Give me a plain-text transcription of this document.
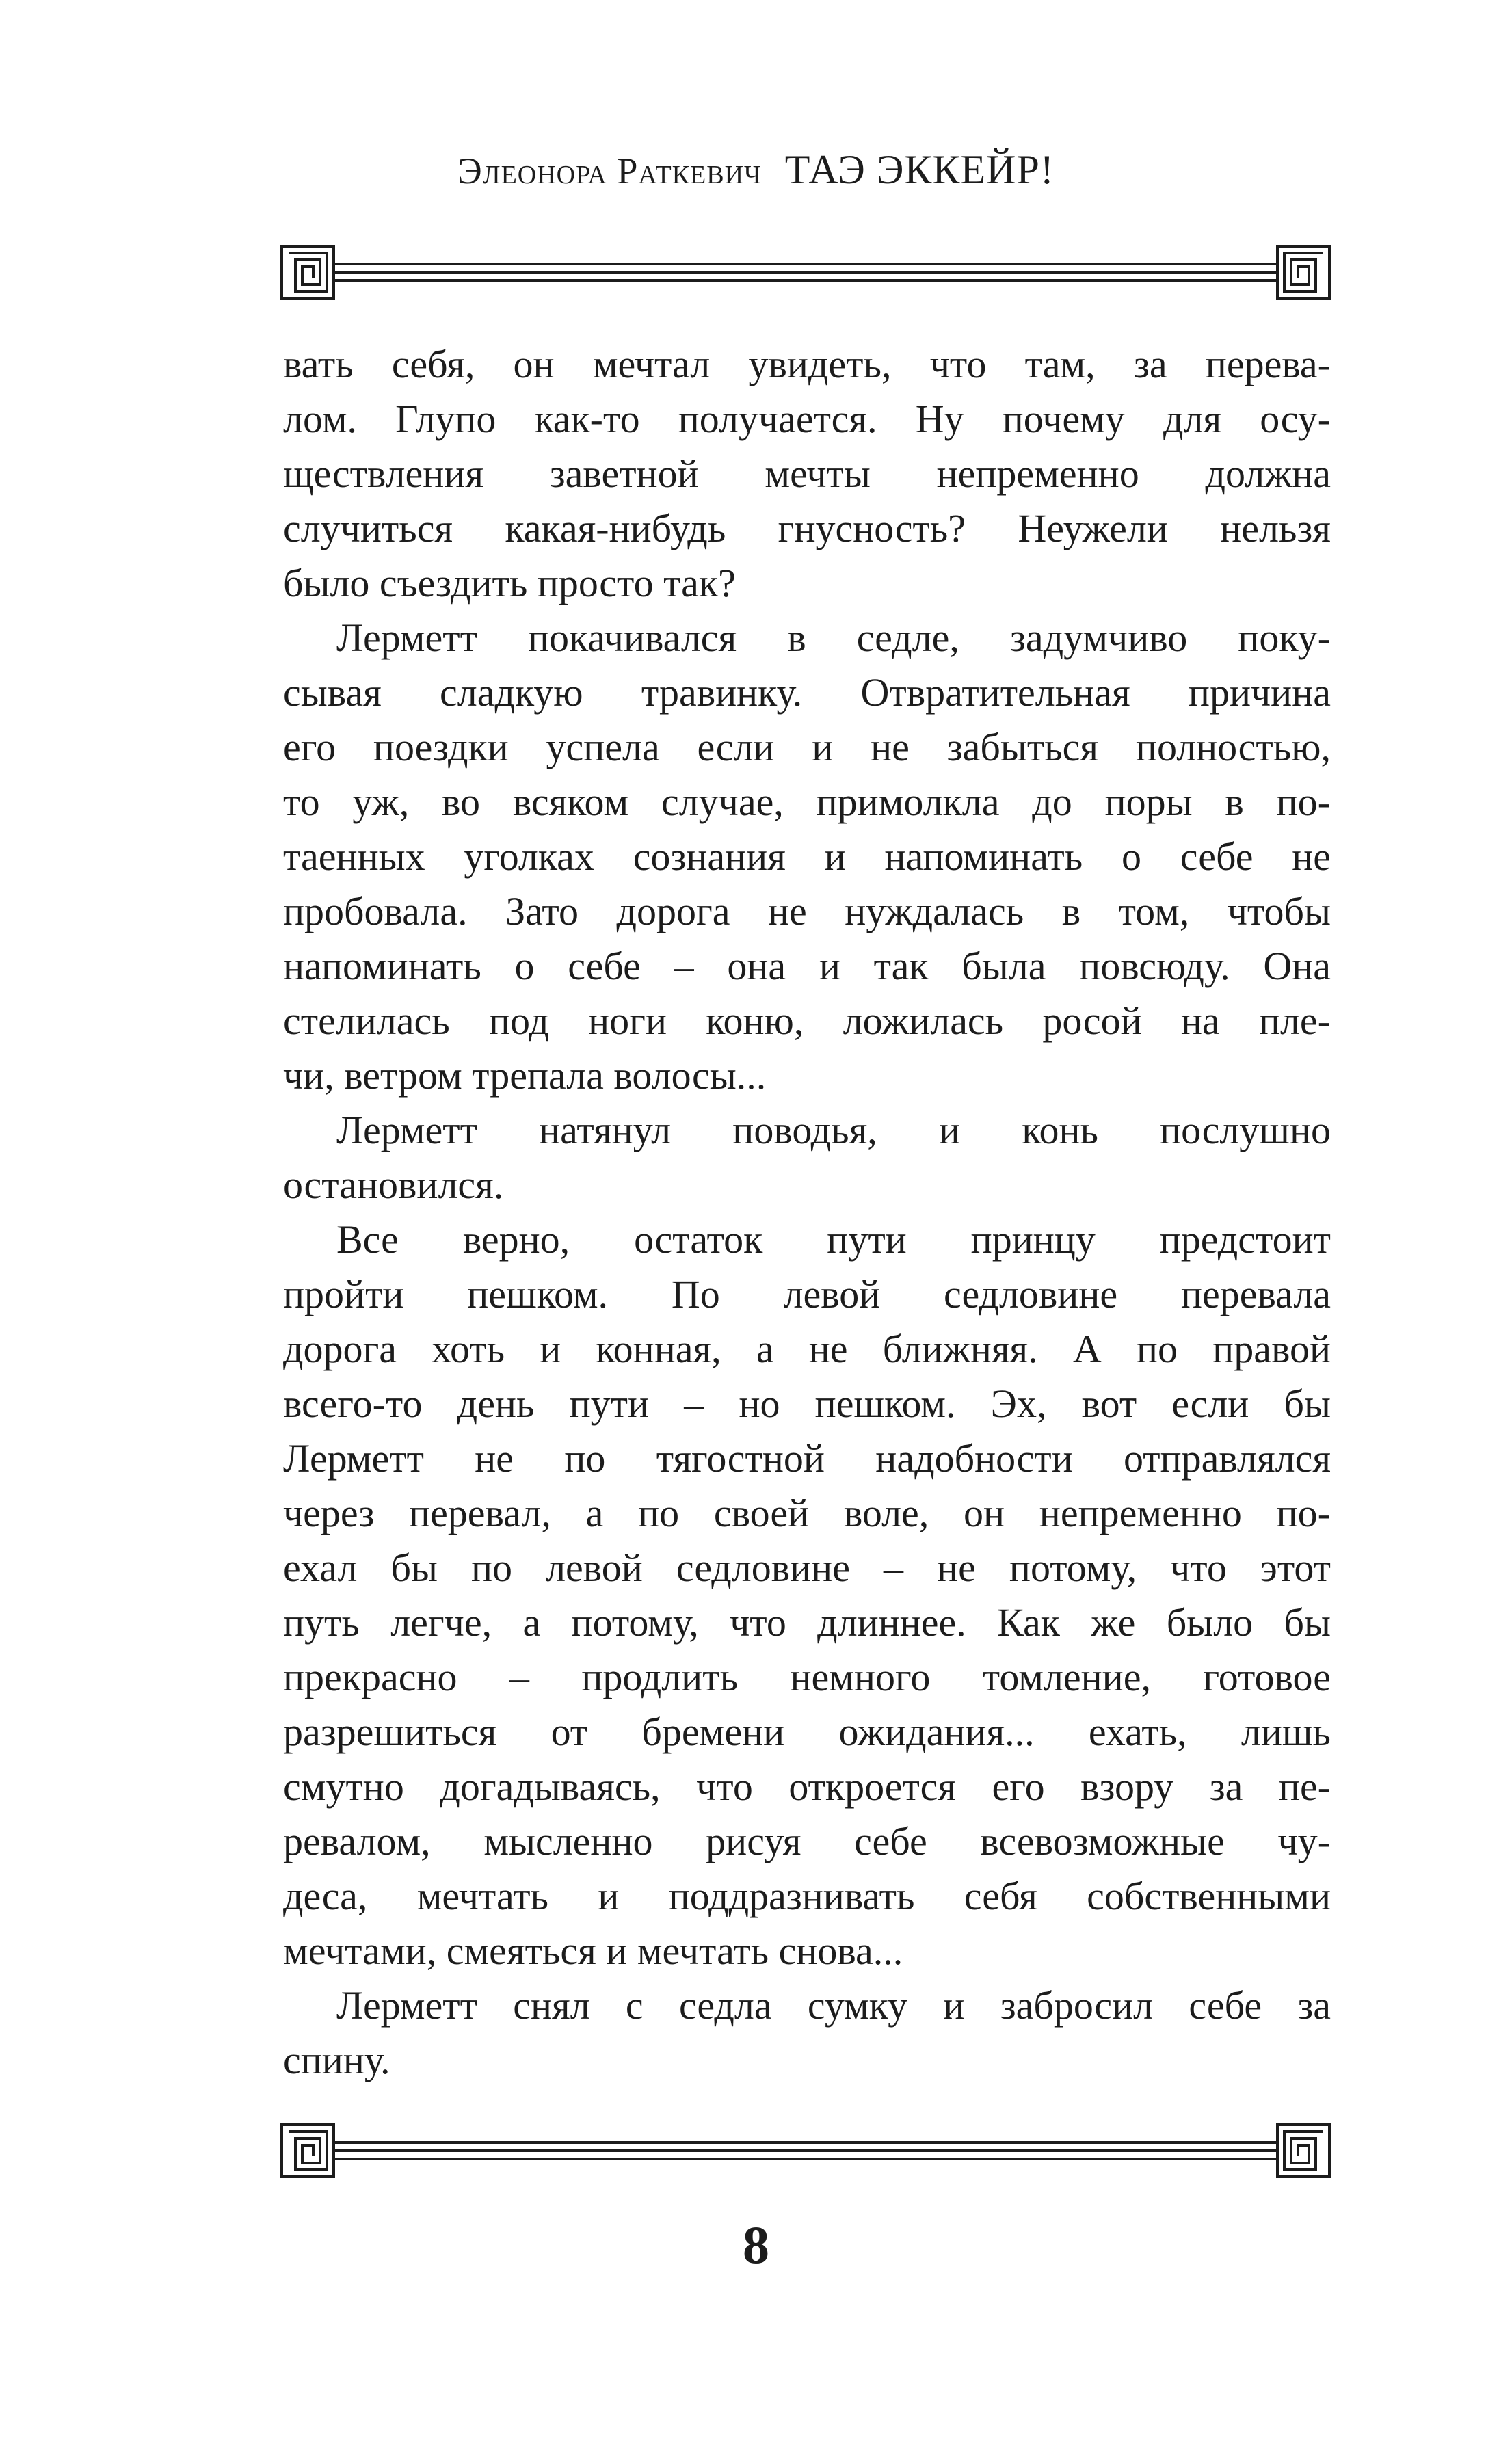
Элеонора Раткевич ТАЭ ЭККЕЙР!
вать себя, он мечтал увидеть, что там, за перева-
лом. Глупо как-то получается. Ну почему для осу-
ществления заветной мечты непременно должна
случиться какая-нибудь гнусность? Неужели нельзя
было съездить просто так?
Лерметт покачивался в седле, задумчиво поку-
сывая сладкую травинку. Отвратительная причина
его поездки успела если и не забыться полностью,
то уж, во всяком случае, примолкла до поры в по-
таенных уголках сознания и напоминать о себе не
пробовала. Зато дорога не нуждалась в том, чтобы
напоминать о себе – она и так была повсюду. Она
стелилась под ноги коню, ложилась росой на пле-
чи, ветром трепала волосы...
Лерметт натянул поводья, и конь послушно
остановился.
Все верно, остаток пути принцу предстоит
пройти пешком. По левой седловине перевала
дорога хоть и конная, а не ближняя. А по правой
всего-то день пути – но пешком. Эх, вот если бы
Лерметт не по тягостной надобности отправлялся
через перевал, а по своей воле, он непременно по-
ехал бы по левой седловине – не потому, что этот
путь легче, а потому, что длиннее. Как же было бы
прекрасно – продлить немного томление, готовое
разрешиться от бремени ожидания... ехать, лишь
смутно догадываясь, что откроется его взору за пе-
ревалом, мысленно рисуя себе всевозможные чу-
деса, мечтать и поддразнивать себя собственными
мечтами, смеяться и мечтать снова...
Лерметт снял с седла сумку и забросил себе за
спину.
8
